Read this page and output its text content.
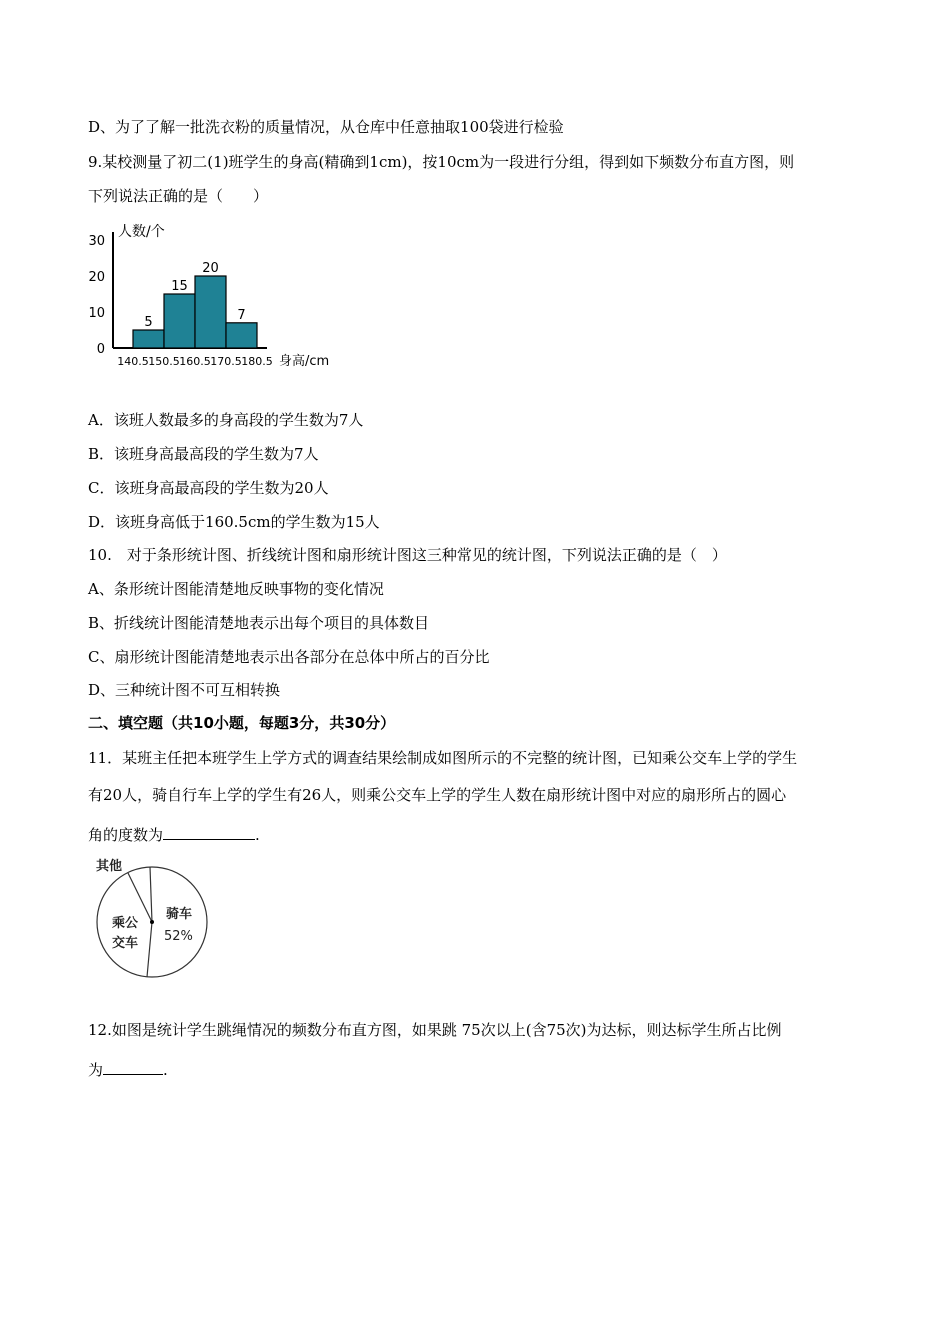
D、为了了解一批洗衣粉的质量情况，从仓库中任意抽取100袋进行检验
9.某校测量了初二(1)班学生的身高(精确到1cm)，按10cm为一段进行分组，得到如下频数分布直方图，则
下列说法正确的是（　　）
0
10
20
30
人数/个
5
15
20
7
140.5 150.5 160.5 170.5 180.5 身高/cm
A．该班人数最多的身高段的学生数为7人
B．该班身高最高段的学生数为7人
C．该班身高最高段的学生数为20人
D．该班身高低于160.5cm的学生数为15人
10.　对于条形统计图、折线统计图和扇形统计图这三种常见的统计图，下列说法正确的是（　）
A、条形统计图能清楚地反映事物的变化情况
B、折线统计图能清楚地表示出每个项目的具体数目
C、扇形统计图能清楚地表示出各部分在总体中所占的百分比
D、三种统计图不可互相转换
二、填空题（共10小题，每题3分，共30分）
11．某班主任把本班学生上学方式的调查结果绘制成如图所示的不完整的统计图，已知乘公交车上学的学生
有20人，骑自行车上学的学生有26人，则乘公交车上学的学生人数在扇形统计图中对应的扇形所占的圆心
角的度数为	.
其他
乘公
交车
骑车
52%
12.如图是统计学生跳绳情况的频数分布直方图，如果跳 75次以上(含75次)为达标，则达标学生所占比例
为	.
